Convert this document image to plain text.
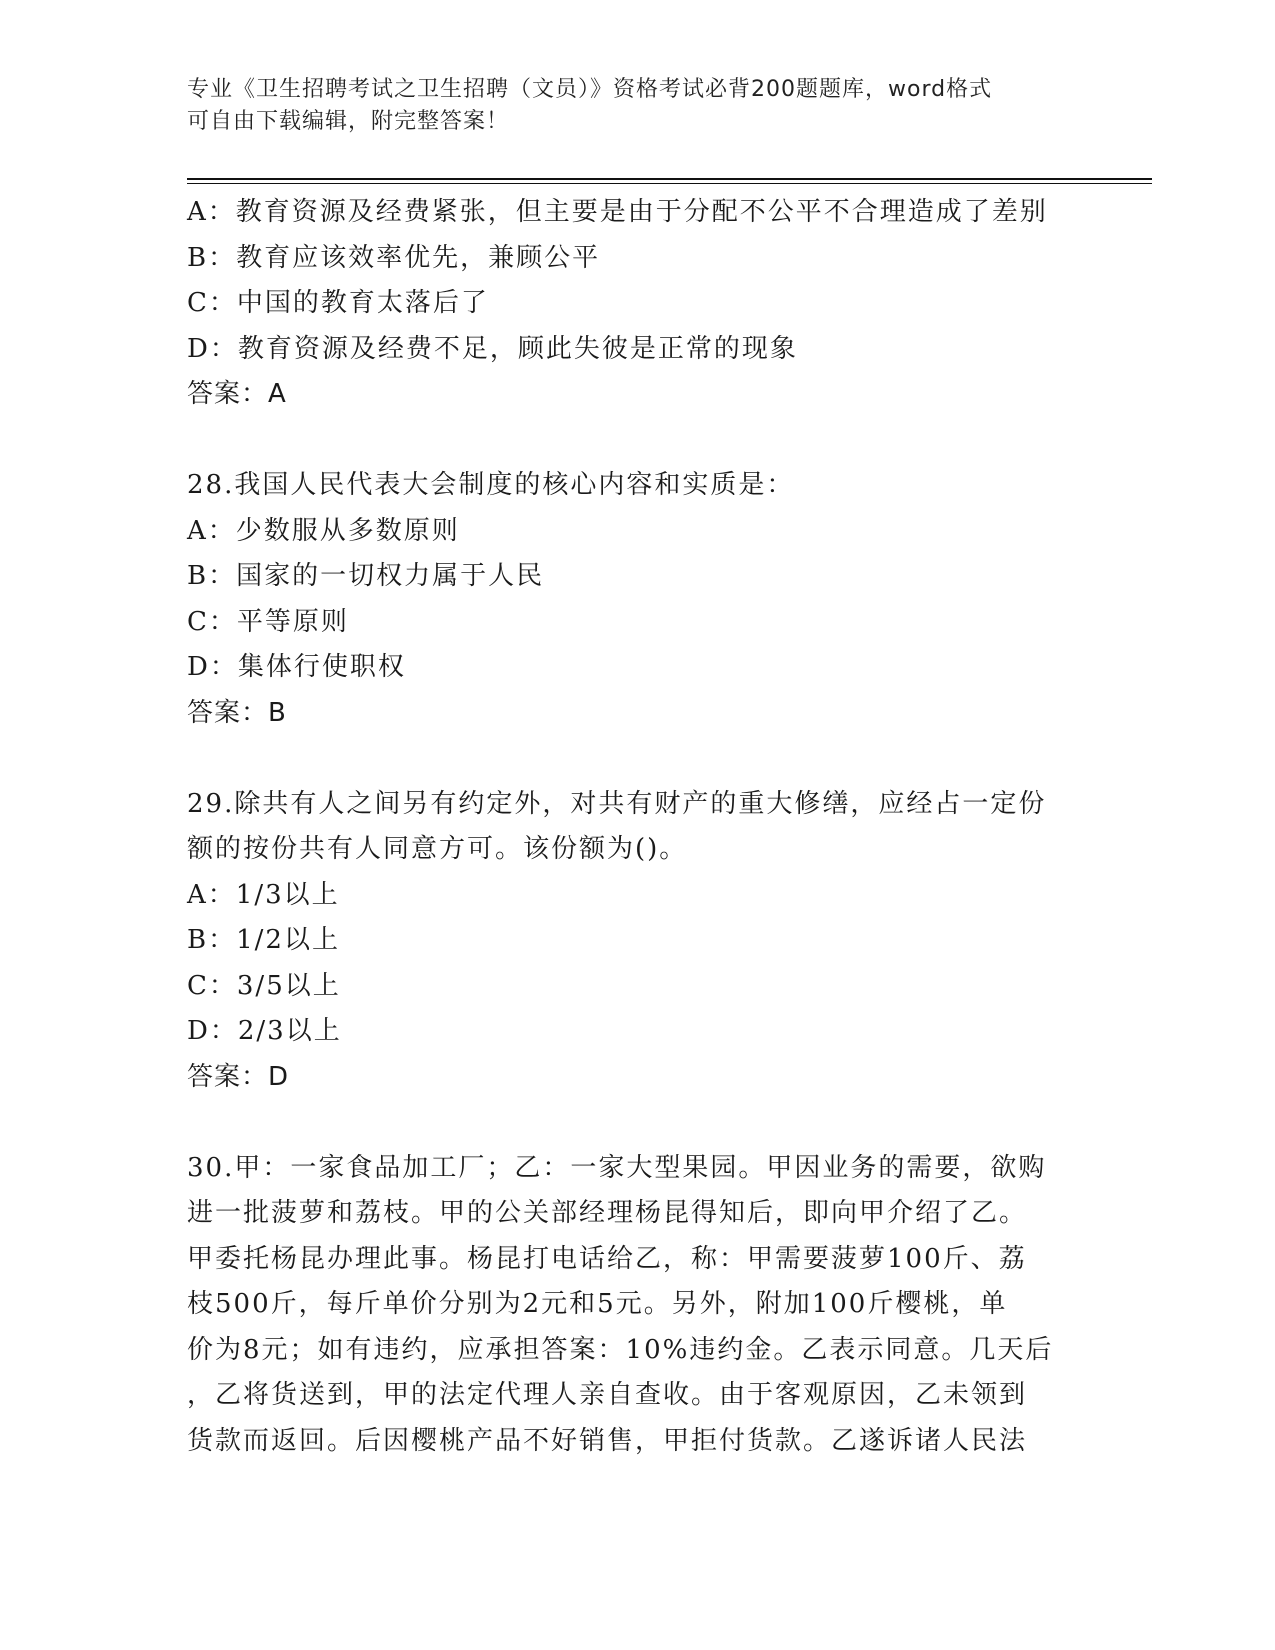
专业《卫生招聘考试之卫生招聘（文员）》资格考试必背200题题库，word格式
可自由下载编辑，附完整答案！
A：教育资源及经费紧张，但主要是由于分配不公平不合理造成了差别
B：教育应该效率优先，兼顾公平
C：中国的教育太落后了
D：教育资源及经费不足，顾此失彼是正常的现象
答案：A
28.我国人民代表大会制度的核心内容和实质是：
A：少数服从多数原则
B：国家的一切权力属于人民
C：平等原则
D：集体行使职权
答案：B
29.除共有人之间另有约定外，对共有财产的重大修缮，应经占一定份
额的按份共有人同意方可。该份额为()。
A：1/3以上
B：1/2以上
C：3/5以上
D：2/3以上
答案：D
30.甲：一家食品加工厂；乙：一家大型果园。甲因业务的需要，欲购
进一批菠萝和荔枝。甲的公关部经理杨昆得知后，即向甲介绍了乙。
甲委托杨昆办理此事。杨昆打电话给乙，称：甲需要菠萝100斤、荔
枝500斤，每斤单价分别为2元和5元。另外，附加100斤樱桃，单
价为8元；如有违约，应承担答案：10%违约金。乙表示同意。几天后
，乙将货送到，甲的法定代理人亲自查收。由于客观原因，乙未领到
货款而返回。后因樱桃产品不好销售，甲拒付货款。乙遂诉诸人民法
